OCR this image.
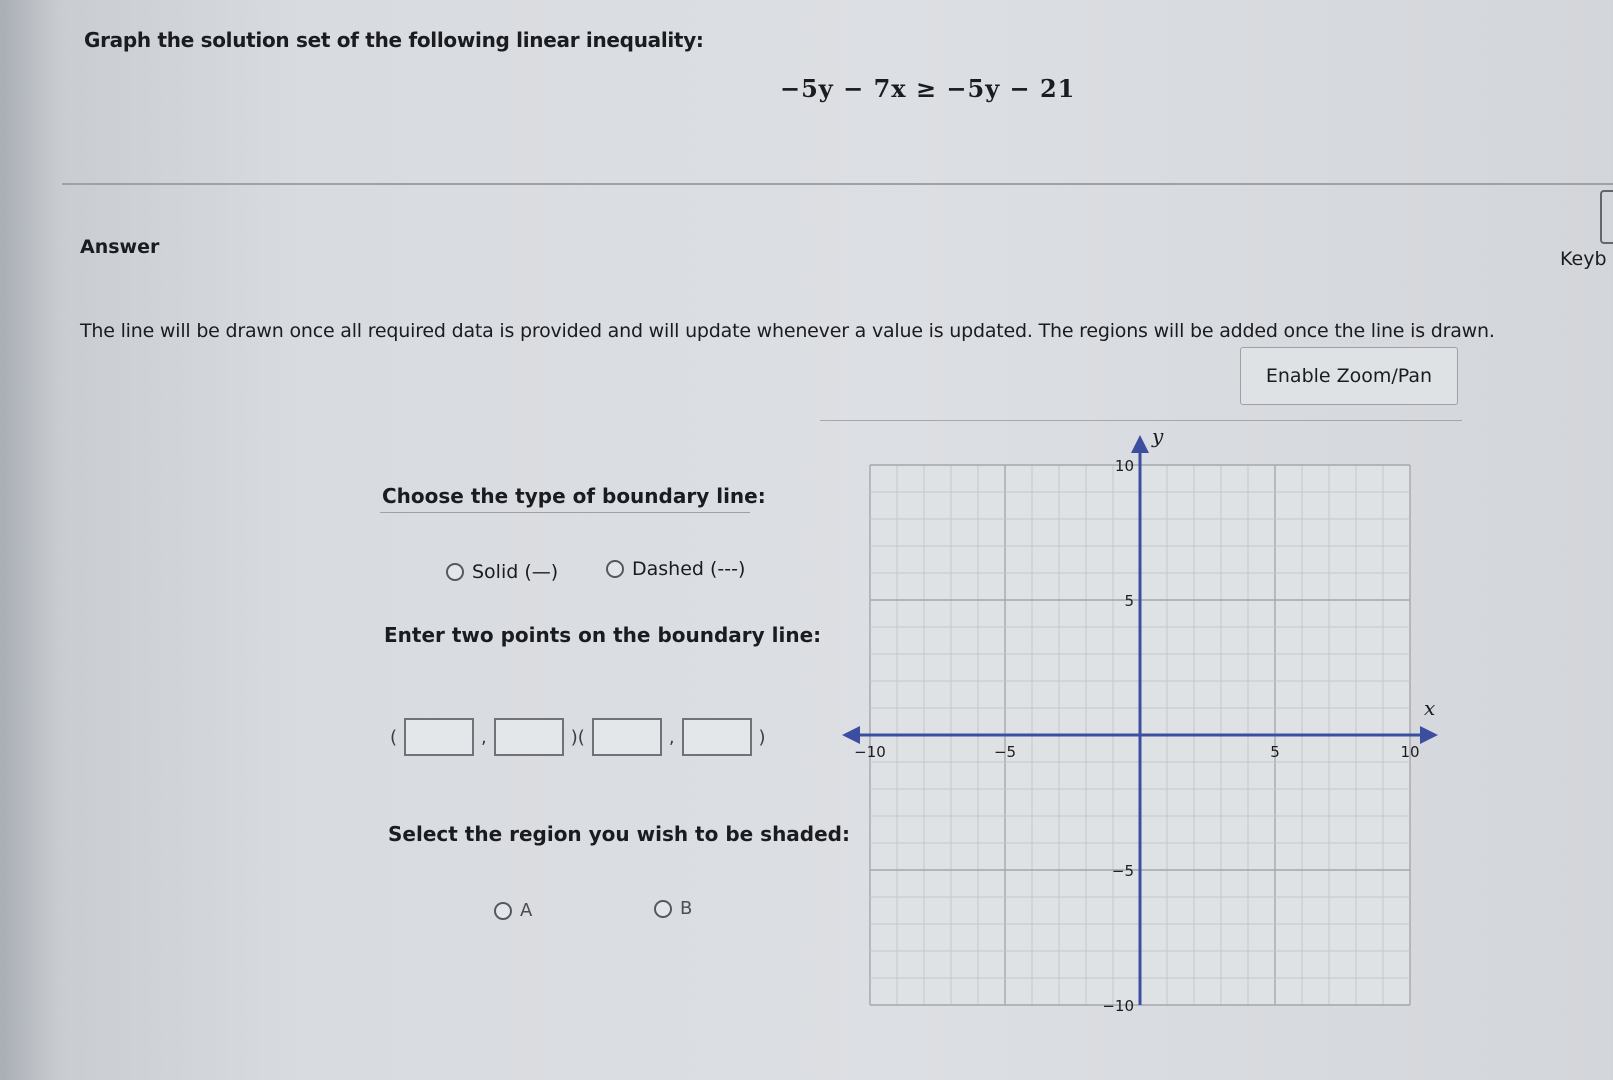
Graph the solution set of the following linear inequality:
−5y − 7x ≥ −5y − 21
Answer
Keyb
The line will be drawn once all required data is provided and will update whenever a value is updated. The regions will be added once the line is drawn.
Enable Zoom/Pan
Choose the type of boundary line:
Solid (—)	Dashed (---)
Enter two points on the boundary line:
(	,	)(	,	)
Select the region you wish to be shaded:
A	B
x
y
−10	−5	5	10
10
5
−5
−10
